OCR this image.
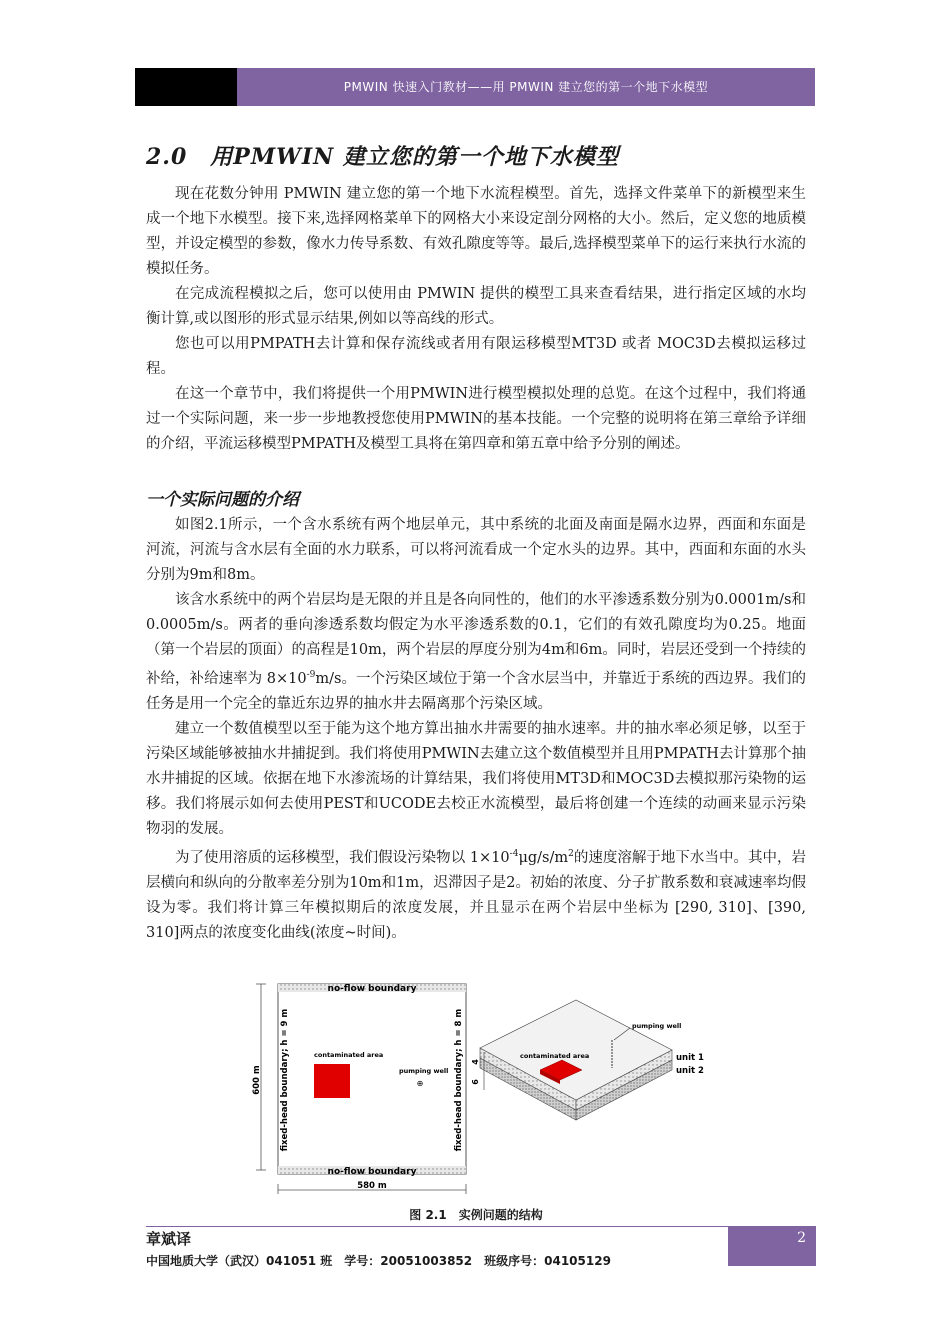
PMWIN 快速入门教材——用 PMWIN 建立您的第一个地下水模型
2.0　用PMWIN 建立您的第一个地下水模型

现在花数分钟用 PMWIN 建立您的第一个地下水流程模型。首先，选择文件菜单下的新模型来生成一个地下水模型。接下来,选择网格菜单下的网格大小来设定剖分网格的大小。然后，定义您的地质模型，并设定模型的参数，像水力传导系数、有效孔隙度等等。最后,选择模型菜单下的运行来执行水流的模拟任务。

在完成流程模拟之后，您可以使用由 PMWIN 提供的模型工具来查看结果，进行指定区域的水均衡计算,或以图形的形式显示结果,例如以等高线的形式。

您也可以用PMPATH去计算和保存流线或者用有限运移模型MT3D 或者 MOC3D去模拟运移过程。

在这一个章节中，我们将提供一个用PMWIN进行模型模拟处理的总览。在这个过程中，我们将通过一个实际问题，来一步一步地教授您使用PMWIN的基本技能。一个完整的说明将在第三章给予详细的介绍，平流运移模型PMPATH及模型工具将在第四章和第五章中给予分别的阐述。

一个实际问题的介绍

如图2.1所示，一个含水系统有两个地层单元，其中系统的北面及南面是隔水边界，西面和东面是河流，河流与含水层有全面的水力联系，可以将河流看成一个定水头的边界。其中，西面和东面的水头分别为9m和8m。

该含水系统中的两个岩层均是无限的并且是各向同性的，他们的水平渗透系数分别为0.0001m/s和0.0005m/s。两者的垂向渗透系数均假定为水平渗透系数的0.1，它们的有效孔隙度均为0.25。地面（第一个岩层的顶面）的高程是10m，两个岩层的厚度分别为4m和6m。同时，岩层还受到一个持续的补给，补给速率为 $8\times 10^{-9}m/s$。一个污染区域位于第一个含水层当中，并靠近于系统的西边界。我们的任务是用一个完全的靠近东边界的抽水井去隔离那个污染区域。

建立一个数值模型以至于能为这个地方算出抽水井需要的抽水速率。井的抽水率必须足够，以至于污染区域能够被抽水井捕捉到。我们将使用PMWIN去建立这个数值模型并且用PMPATH去计算那个抽水井捕捉的区域。依据在地下水渗流场的计算结果，我们将使用MT3D和MOC3D去模拟那污染物的运移。我们将展示如何去使用PEST和UCODE去校正水流模型，最后将创建一个连续的动画来显示污染物羽的发展。

为了使用溶质的运移模型，我们假设污染物以 $1\times 10^{-4}\mu g/s/m^2$的速度溶解于地下水当中。其中，岩层横向和纵向的分散率差分别为10m和1m，迟滞因子是2。初始的浓度、分子扩散系数和衰减速率均假设为零。我们将计算三年模拟期后的浓度发展，并且显示在两个岩层中坐标为 [290, 310]、[390, 310]两点的浓度变化曲线(浓度~时间)。

no-flow boundary
no-flow boundary
fixed-head boundary; h = 9 m	fixed-head boundary; h = 8 m
600 m
580 m
contaminated area
pumping well
⊕
pumping well
contaminated area	unit 1
unit 2
4
6
图 2.1　实例问题的结构
章斌译
中国地质大学（武汉）041051 班　学号：20051003852　班级序号：04105129
2
